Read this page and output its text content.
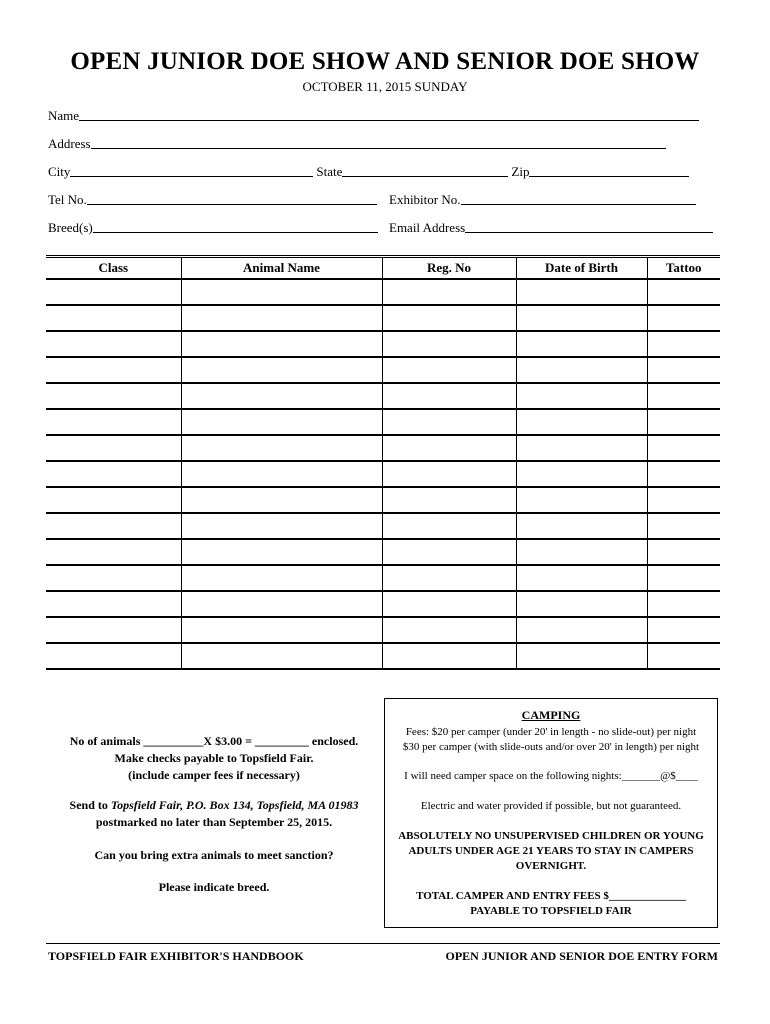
OPEN JUNIOR DOE SHOW AND SENIOR DOE SHOW
OCTOBER 11, 2015 SUNDAY
Name
Address
City	State	Zip
Tel No.	Exhibitor No.
Breed(s)	Email Address
Class	Animal Name	Reg. No	Date of Birth	Tattoo

No of animals __________X $3.00 = _________ enclosed.
Make checks payable to Topsfield Fair.
(include camper fees if necessary)
Send to Topsfield Fair, P.O. Box 134, Topsfield, MA 01983
postmarked no later than September 25, 2015.
Can you bring extra animals to meet sanction?
Please indicate breed.
CAMPING
Fees: $20 per camper (under 20' in length - no slide-out) per night
$30 per camper (with slide-outs and/or over 20' in length) per night
I will need camper space on the following nights:_______@$____
Electric and water provided if possible, but not guaranteed.
ABSOLUTELY NO UNSUPERVISED CHILDREN OR YOUNG
ADULTS UNDER AGE 21 YEARS TO STAY IN CAMPERS
OVERNIGHT.
TOTAL CAMPER AND ENTRY FEES $______________
PAYABLE TO TOPSFIELD FAIR
TOPSFIELD FAIR EXHIBITOR'S HANDBOOK	OPEN JUNIOR AND SENIOR DOE ENTRY FORM
